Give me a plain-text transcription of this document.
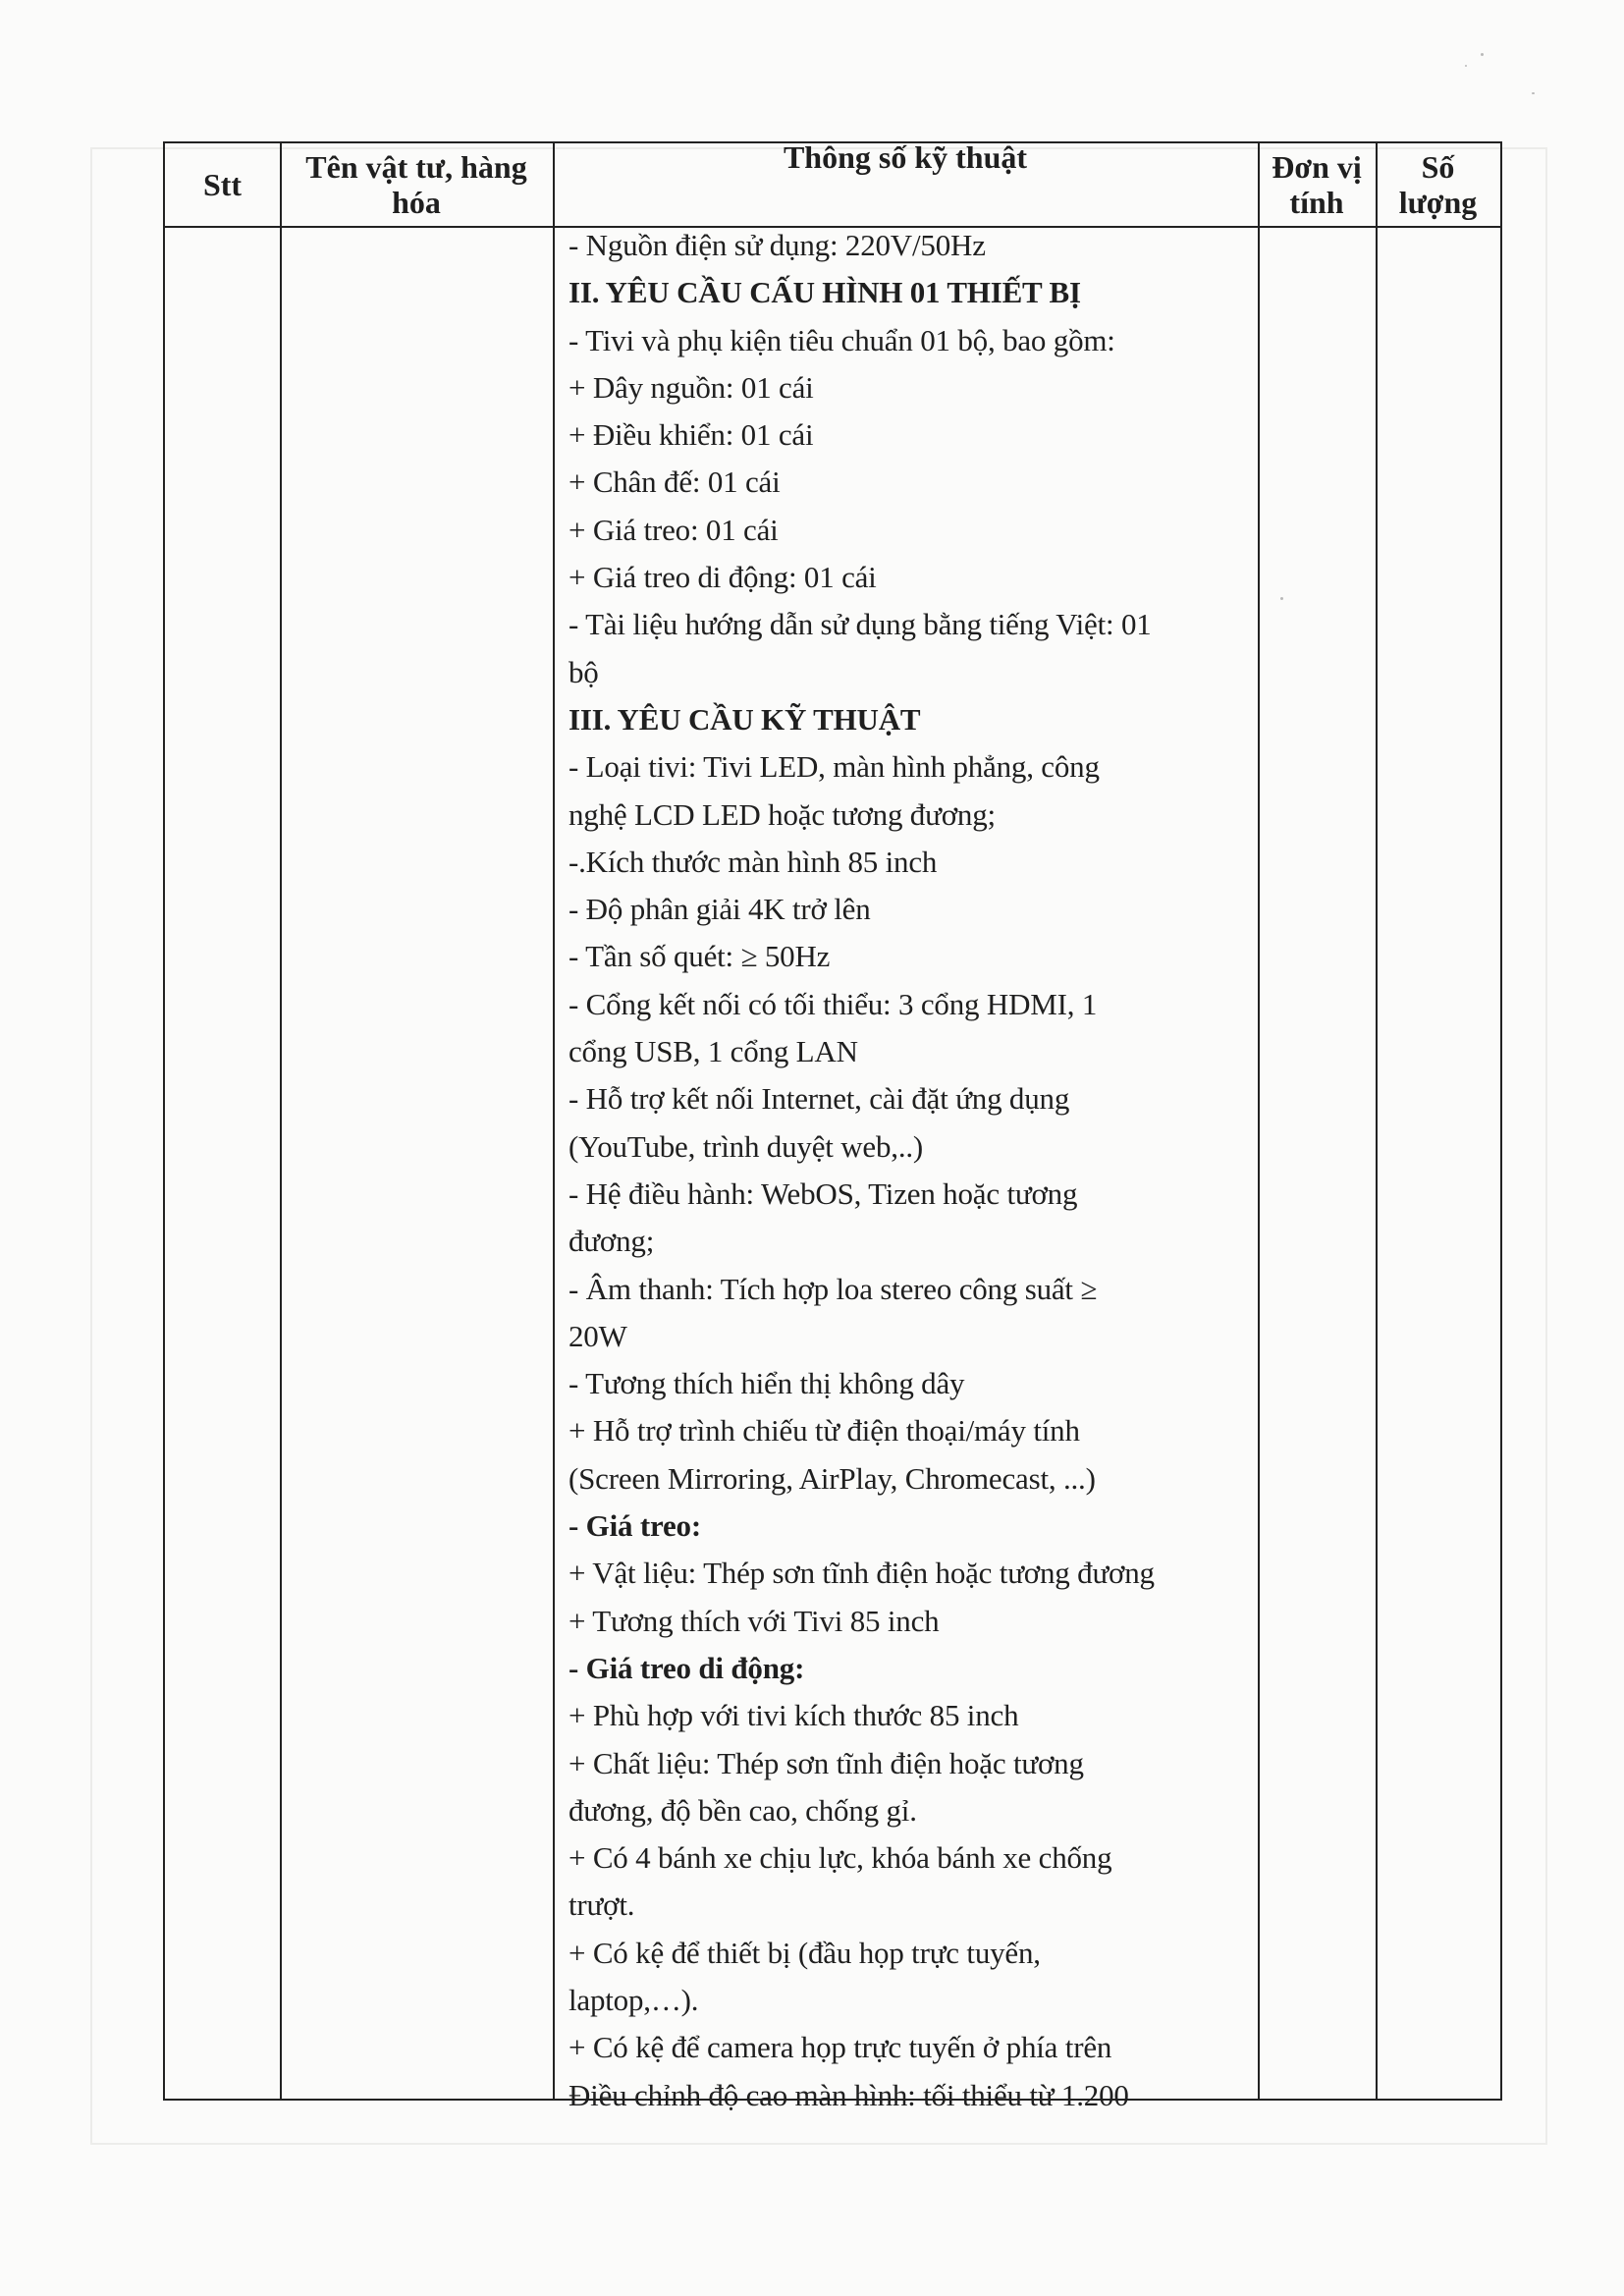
Stt	Tên vật tư, hàng hóa
Thông số kỹ thuật	Đơn vị tính
Số lượng
- Nguồn điện sử dụng: 220V/50Hz
II. YÊU CẦU CẤU HÌNH 01 THIẾT BỊ
- Tivi và phụ kiện tiêu chuẩn 01 bộ, bao gồm:
+ Dây nguồn: 01 cái
+ Điều khiển: 01 cái
+ Chân đế: 01 cái
+ Giá treo: 01 cái
+ Giá treo di động: 01 cái
- Tài liệu hướng dẫn sử dụng bằng tiếng Việt: 01
bộ
III. YÊU CẦU KỸ THUẬT
- Loại tivi: Tivi LED, màn hình phẳng, công
nghệ LCD LED hoặc tương đương;
-.Kích thước màn hình 85 inch
- Độ phân giải 4K trở lên
- Tần số quét: ≥ 50Hz
- Cổng kết nối có tối thiểu: 3 cổng HDMI, 1
cổng USB, 1 cổng LAN
- Hỗ trợ kết nối Internet, cài đặt ứng dụng
(YouTube, trình duyệt web,..)
- Hệ điều hành: WebOS, Tizen hoặc tương
đương;
- Âm thanh: Tích hợp loa stereo công suất ≥
20W
- Tương thích hiển thị không dây
+ Hỗ trợ trình chiếu từ điện thoại/máy tính
(Screen Mirroring, AirPlay, Chromecast, ...)
- Giá treo:
+ Vật liệu: Thép sơn tĩnh điện hoặc tương đương
+ Tương thích với Tivi 85 inch
- Giá treo di động:
+ Phù hợp với tivi kích thước 85 inch
+ Chất liệu: Thép sơn tĩnh điện hoặc tương
đương, độ bền cao, chống gỉ.
+ Có 4 bánh xe chịu lực, khóa bánh xe chống
trượt.
+ Có kệ để thiết bị (đầu họp trực tuyến,
laptop,…).
+ Có kệ để camera họp trực tuyến ở phía trên
Điều chỉnh độ cao màn hình: tối thiểu từ 1.200
